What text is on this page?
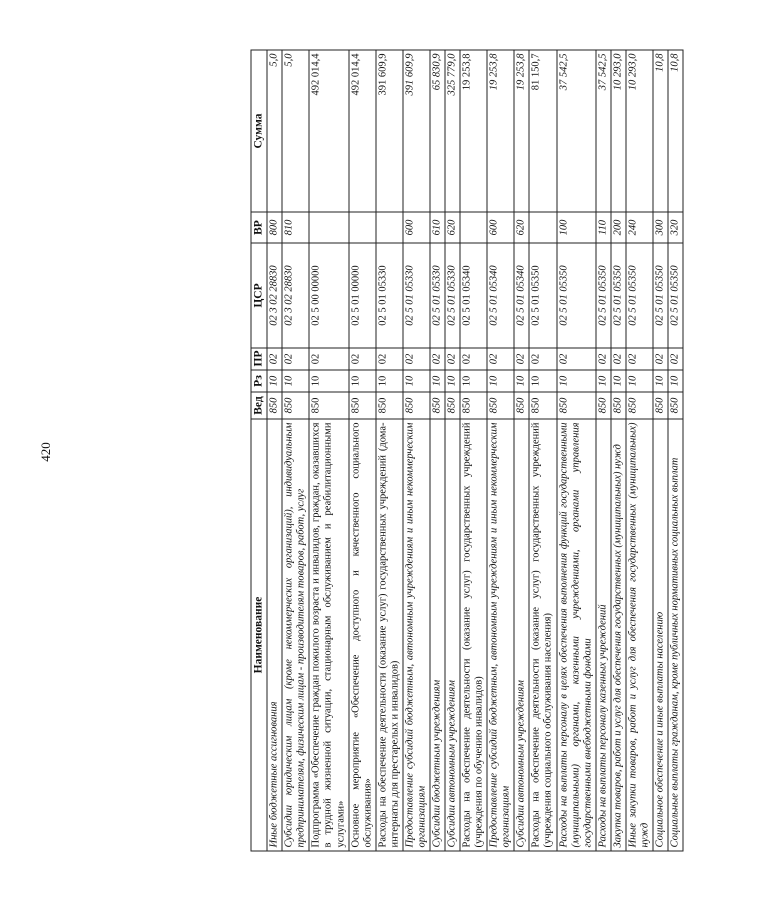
420
Наименование	Вед	Рз	ПР	ЦСР	ВР	Сумма
Иные бюджетные ассигнования	850	10	02	02 3 02 28830	800	5,0
Субсидии юридическим лицам (кроме некоммерческих организаций), индивидуальным предпринимателям, физическим лицам - производителям товаров, работ, услуг	850	10	02	02 3 02 28830	810	5,0
Подпрограмма «Обеспечение граждан пожилого возраста и инвалидов, граждан, оказавшихся в трудной жизненной ситуации, стационарным обслуживанием и реабилитационными услугами»	850	10	02	02 5 00 00000		492 014,4
Основное мероприятие «Обеспечение доступного и качественного социального обслуживания»	850	10	02	02 5 01 00000		492 014,4
Расходы на обеспечение деятельности (оказание услуг) государственных учреждений (дома-интернаты для престарелых и инвалидов)	850	10	02	02 5 01 05330		391 609,9
Предоставление субсидий бюджетным, автономным учреждениям и иным некоммерческим организациям	850	10	02	02 5 01 05330	600	391 609,9
Субсидии бюджетным учреждениям	850	10	02	02 5 01 05330	610	65 830,9
Субсидии автономным учреждениям	850	10	02	02 5 01 05330	620	325 779,0
Расходы на обеспечение деятельности (оказание услуг) государственных учреждений (учреждения по обучению инвалидов)	850	10	02	02 5 01 05340		19 253,8
Предоставление субсидий бюджетным, автономным учреждениям и иным некоммерческим организациям	850	10	02	02 5 01 05340	600	19 253,8
Субсидии автономным учреждениям	850	10	02	02 5 01 05340	620	19 253,8
Расходы на обеспечение деятельности (оказание услуг) государственных учреждений (учреждения социального обслуживания населения)	850	10	02	02 5 01 05350		81 150,7
Расходы на выплаты персоналу в целях обеспечения выполнения функций государственными (муниципальными) органами, казенными учреждениями, органами управления государственными внебюджетными фондами	850	10	02	02 5 01 05350	100	37 542,5
Расходы на выплаты персоналу казенных учреждений	850	10	02	02 5 01 05350	110	37 542,5
Закупка товаров, работ и услуг для обеспечения государственных (муниципальных) нужд	850	10	02	02 5 01 05350	200	10 293,0
Иные закупки товаров, работ и услуг для обеспечения государственных (муниципальных) нужд	850	10	02	02 5 01 05350	240	10 293,0
Социальное обеспечение и иные выплаты населению	850	10	02	02 5 01 05350	300	10,8
Социальные выплаты гражданам, кроме публичных нормативных социальных выплат	850	10	02	02 5 01 05350	320	10,8
